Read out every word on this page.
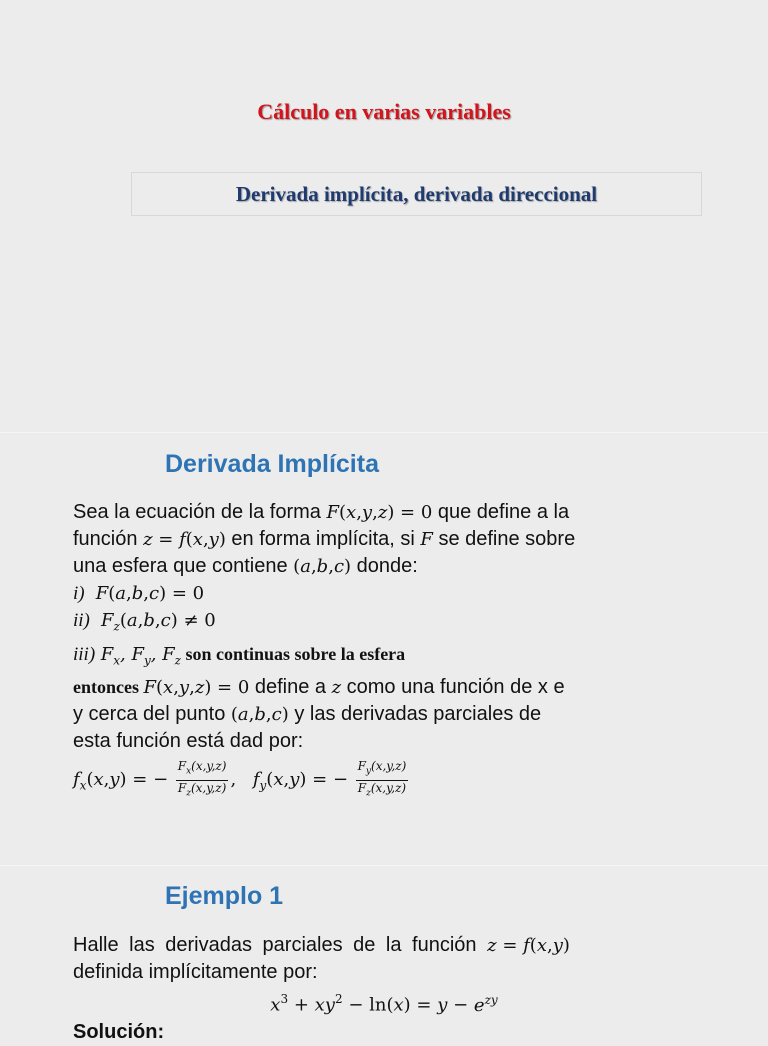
Cálculo en varias variables
Derivada implícita, derivada direccional
Derivada Implícita
Sea la ecuación de la forma F(x,y,z) = 0 que define a la
función z = f(x,y) en forma implícita, si F se define sobre
una esfera que contiene (a,b,c) donde:
i) F(a,b,c) = 0
ii) $F_z(a,b,c) \ne 0$
iii) $F_x$, $F_y$, $F_z$ son continuas sobre la esfera
entonces F(x,y,z) = 0 define a z como una función de x e
y cerca del punto (a,b,c) y las derivadas parciales de
esta función está dad por:
$f_x(x,y)$ = − $\frac{F_x(x,y,z)}{F_z(x,y,z)}$ , $f_y(x,y)$ = − $\frac{F_y(x,y,z)}{F_z(x,y,z)}$
Ejemplo 1
Halle las derivadas parciales de la función z = f(x,y)
definida implícitamente por:
$x^3 + xy^2 - \ln(x) = y - e^{zy}$
Solución:
